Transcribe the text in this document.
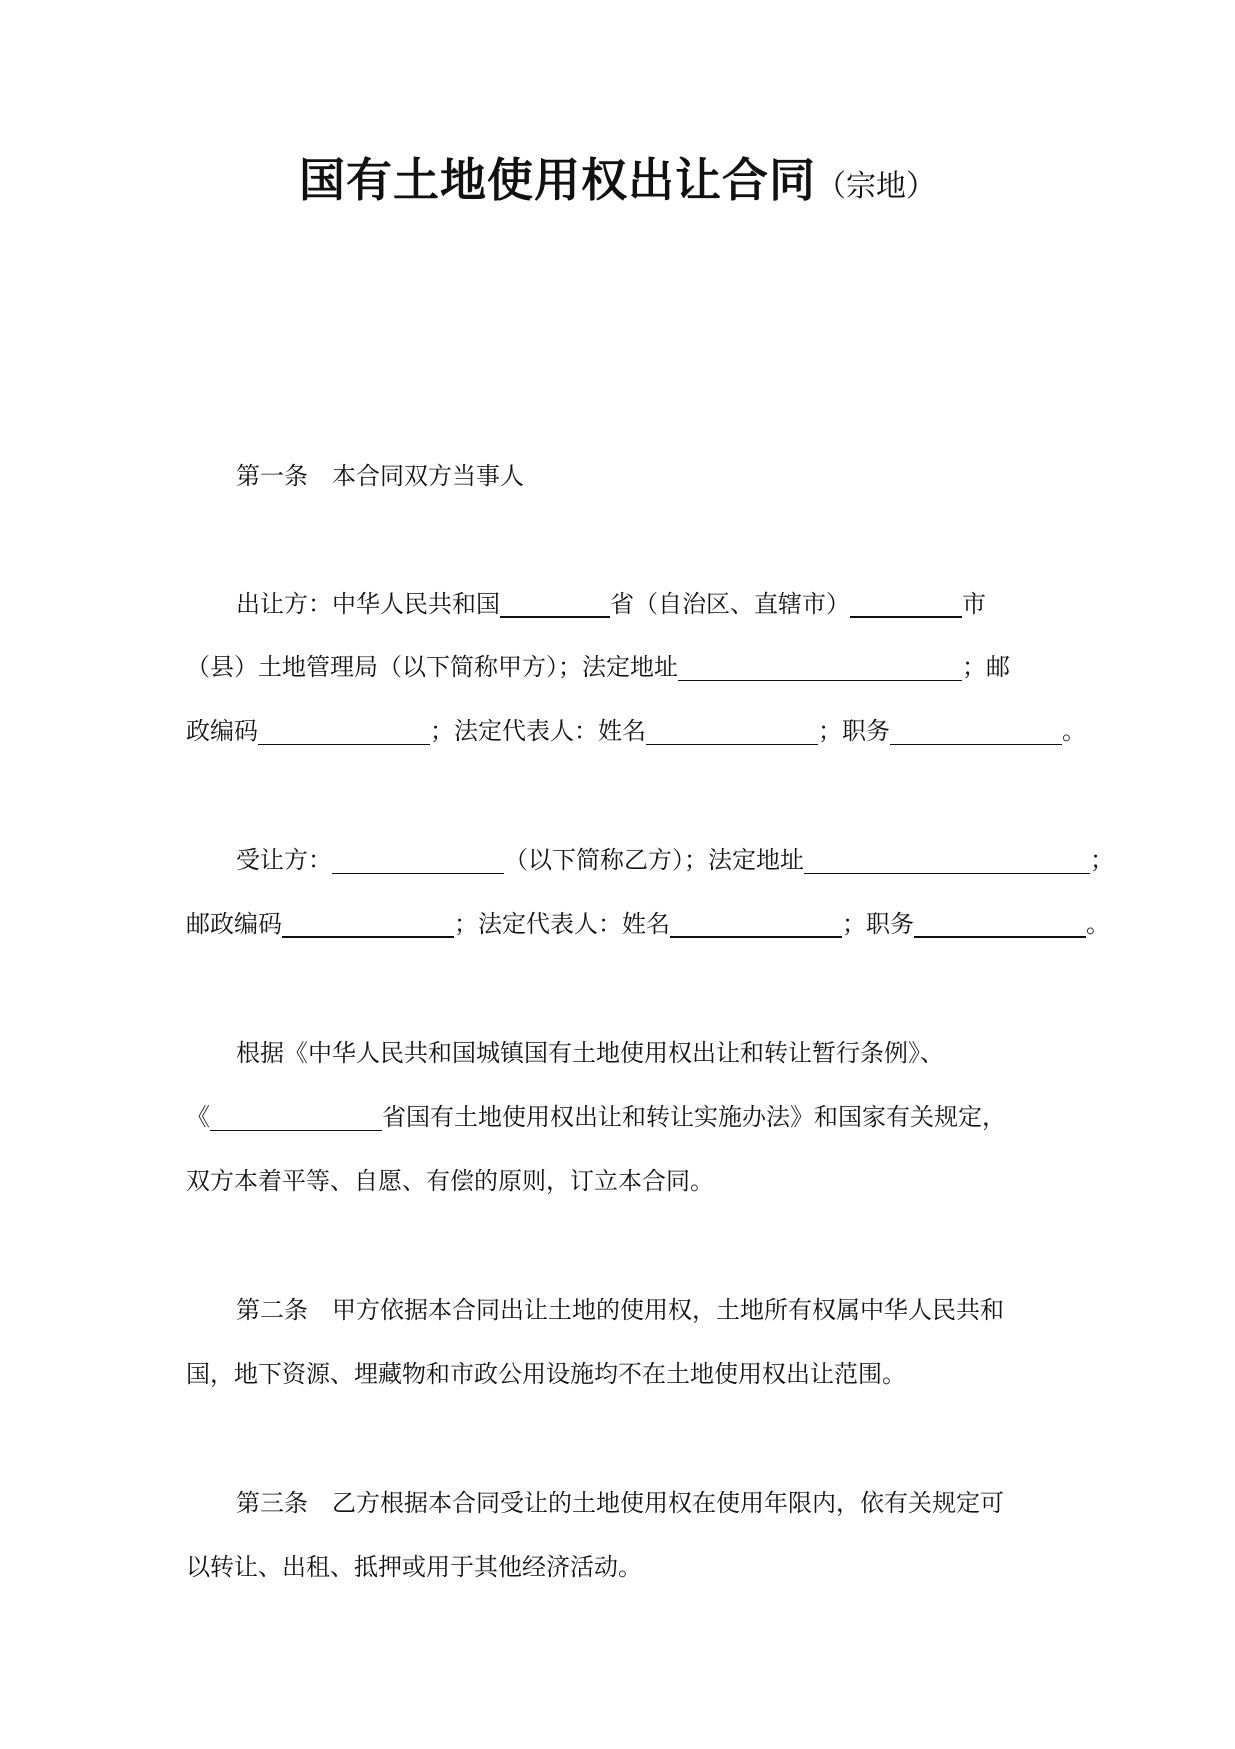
国有土地使用权出让合同（宗地）
第一条 本合同双方当事人
出让方：中华人民共和国	省（自治区、直辖市）	市
（县）土地管理局（以下简称甲方）；法定地址	；邮
政编码	；法定代表人：姓名	；职务	。
受让方：	（以下简称乙方）；法定地址	；
邮政编码	；法定代表人：姓名	；职务	。
根据《中华人民共和国城镇国有土地使用权出让和转让暂行条例》、
《	省国有土地使用权出让和转让实施办法》和国家有关规定，
双方本着平等、自愿、有偿的原则，订立本合同。
第二条 甲方依据本合同出让土地的使用权，土地所有权属中华人民共和
国，地下资源、埋藏物和市政公用设施均不在土地使用权出让范围。
第三条 乙方根据本合同受让的土地使用权在使用年限内，依有关规定可
以转让、出租、抵押或用于其他经济活动。
